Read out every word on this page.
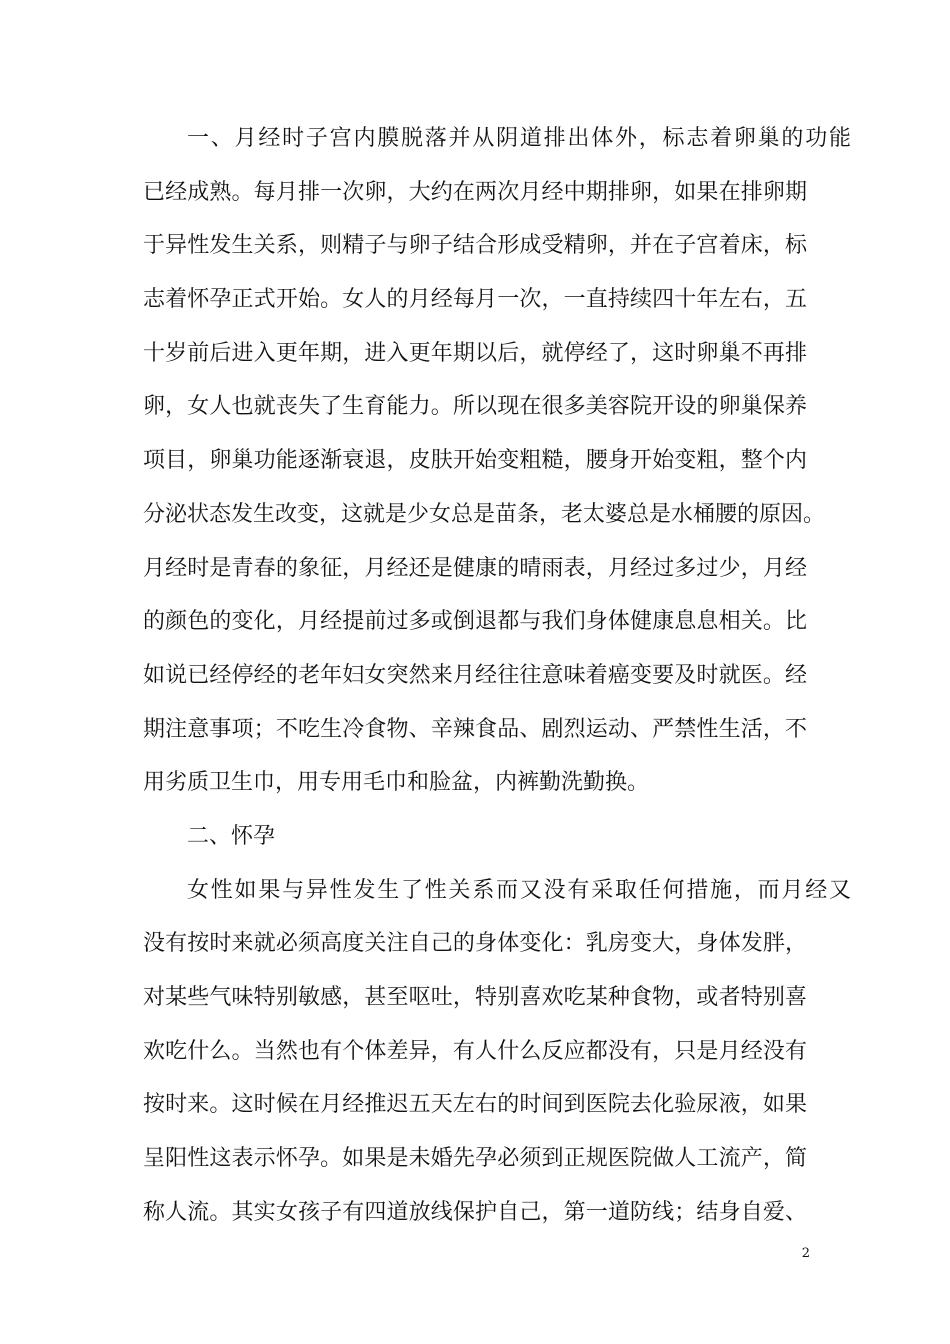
一、月经时子宫内膜脱落并从阴道排出体外，标志着卵巢的功能
已经成熟。每月排一次卵，大约在两次月经中期排卵，如果在排卵期
于异性发生关系，则精子与卵子结合形成受精卵，并在子宫着床，标
志着怀孕正式开始。女人的月经每月一次，一直持续四十年左右，五
十岁前后进入更年期，进入更年期以后，就停经了，这时卵巢不再排
卵，女人也就丧失了生育能力。所以现在很多美容院开设的卵巢保养
项目，卵巢功能逐渐衰退，皮肤开始变粗糙，腰身开始变粗，整个内
分泌状态发生改变，这就是少女总是苗条，老太婆总是水桶腰的原因。
月经时是青春的象征，月经还是健康的晴雨表，月经过多过少，月经
的颜色的变化，月经提前过多或倒退都与我们身体健康息息相关。比
如说已经停经的老年妇女突然来月经往往意味着癌变要及时就医。经
期注意事项；不吃生冷食物、辛辣食品、剧烈运动、严禁性生活，不
用劣质卫生巾，用专用毛巾和脸盆，内裤勤洗勤换。
二、怀孕
女性如果与异性发生了性关系而又没有采取任何措施，而月经又
没有按时来就必须高度关注自己的身体变化：乳房变大，身体发胖，
对某些气味特别敏感，甚至呕吐，特别喜欢吃某种食物，或者特别喜
欢吃什么。当然也有个体差异，有人什么反应都没有，只是月经没有
按时来。这时候在月经推迟五天左右的时间到医院去化验尿液，如果
呈阳性这表示怀孕。如果是未婚先孕必须到正规医院做人工流产，简
称人流。其实女孩子有四道放线保护自己，第一道防线；结身自爱、
2
